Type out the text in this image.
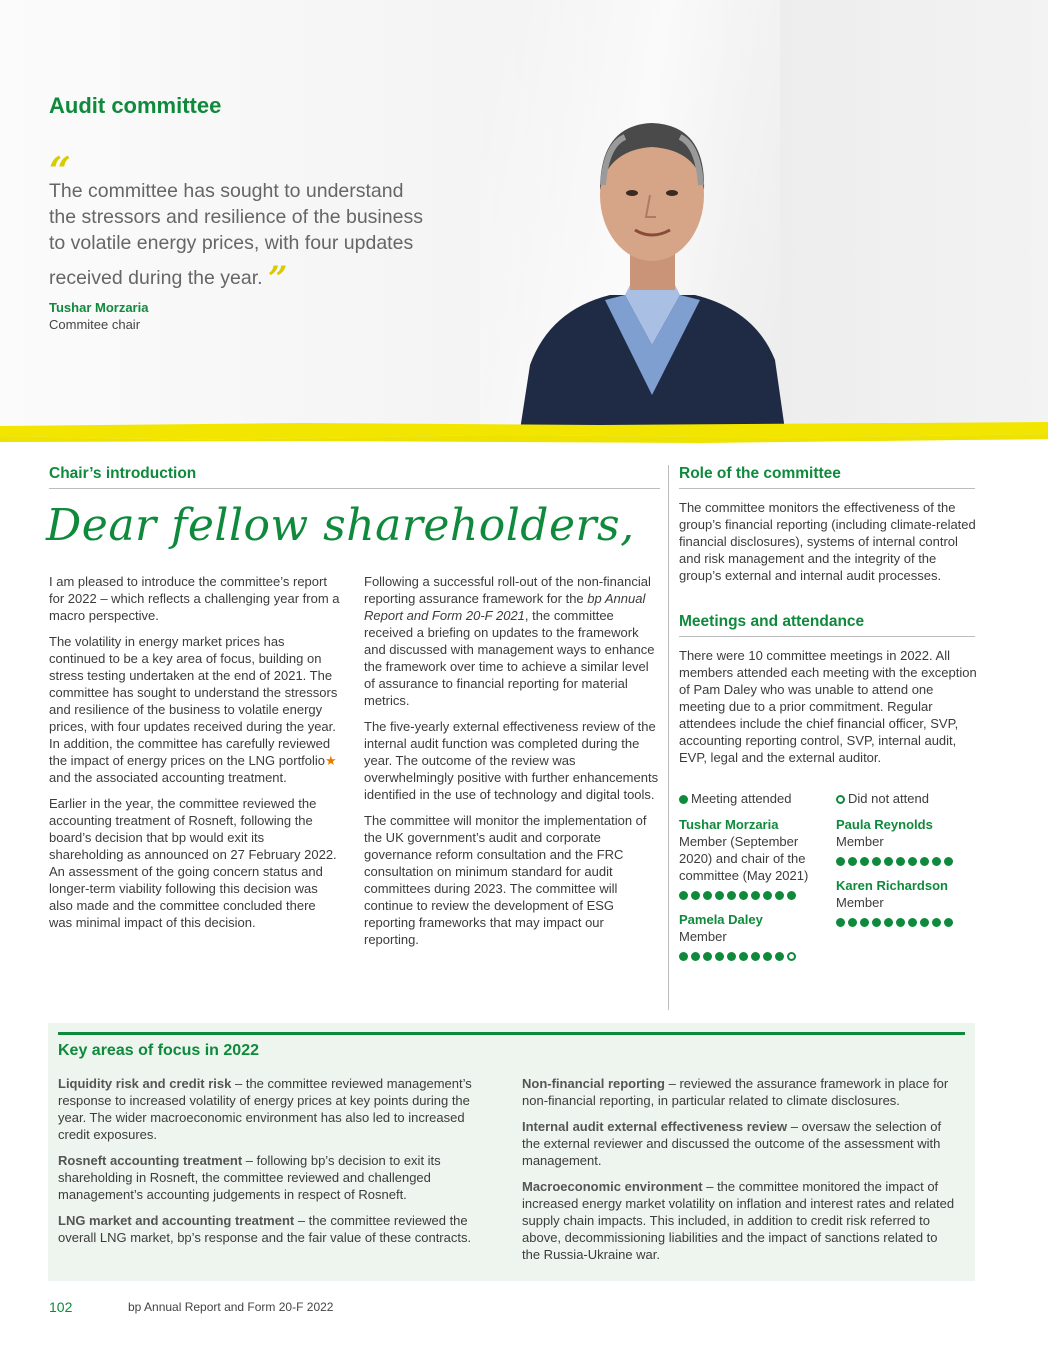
Audit committee
“
The committee has sought to understand the stressors and resilience of the business to volatile energy prices, with four updates received during the year. ”
Tushar Morzaria
Commitee chair
Chair’s introduction
Dear fellow shareholders,

I am pleased to introduce the committee’s report for 2022 – which reflects a challenging year from a macro perspective.

The volatility in energy market prices has continued to be a key area of focus, building on stress testing undertaken at the end of 2021. The committee has sought to understand the stressors and resilience of the business to volatile energy prices, with four updates received during the year. In addition, the committee has carefully reviewed the impact of energy prices on the LNG portfolio★ and the associated accounting treatment.

Earlier in the year, the committee reviewed the accounting treatment of Rosneft, following the board’s decision that bp would exit its shareholding as announced on 27 February 2022. An assessment of the going concern status and longer-term viability following this decision was also made and the committee concluded there was minimal impact of this decision.

Following a successful roll-out of the non-financial reporting assurance framework for the bp Annual Report and Form 20-F 2021, the committee received a briefing on updates to the framework and discussed with management ways to enhance the framework over time to achieve a similar level of assurance to financial reporting for material metrics.

The five-yearly external effectiveness review of the internal audit function was completed during the year. The outcome of the review was overwhelmingly positive with further enhancements identified in the use of technology and digital tools.

The committee will monitor the implementation of the UK government’s audit and corporate governance reform consultation and the FRC consultation on minimum standard for audit committees during 2023. The committee will continue to review the development of ESG reporting frameworks that may impact our reporting.

Role of the committee
The committee monitors the effectiveness of the group’s financial reporting (including climate-related financial disclosures), systems of internal control and risk management and the integrity of the group’s external and internal audit processes.
Meetings and attendance
There were 10 committee meetings in 2022. All members attended each meeting with the exception of Pam Daley who was unable to attend one meeting due to a prior commitment. Regular attendees include the chief financial officer, SVP, accounting reporting control, SVP, internal audit, EVP, legal and the external auditor.
Meeting attended	Did not attend
Tushar Morzaria
Member (September 2020) and chair of the committee (May 2021)
Pamela Daley
Member
Paula Reynolds
Member
Karen Richardson
Member
Key areas of focus in 2022

Liquidity risk and credit risk – the committee reviewed management’s response to increased volatility of energy prices at key points during the year. The wider macroeconomic environment has also led to increased credit exposures.

Rosneft accounting treatment – following bp’s decision to exit its shareholding in Rosneft, the committee reviewed and challenged management’s accounting judgements in respect of Rosneft.

LNG market and accounting treatment – the committee reviewed the overall LNG market, bp’s response and the fair value of these contracts.

Non-financial reporting – reviewed the assurance framework in place for non-financial reporting, in particular related to climate disclosures.

Internal audit external effectiveness review – oversaw the selection of the external reviewer and discussed the outcome of the assessment with management.

Macroeconomic environment – the committee monitored the impact of increased energy market volatility on inflation and interest rates and related supply chain impacts. This included, in addition to credit risk referred to above, decommissioning liabilities and the impact of sanctions related to the Russia-Ukraine war.

102	bp Annual Report and Form 20-F 2022
